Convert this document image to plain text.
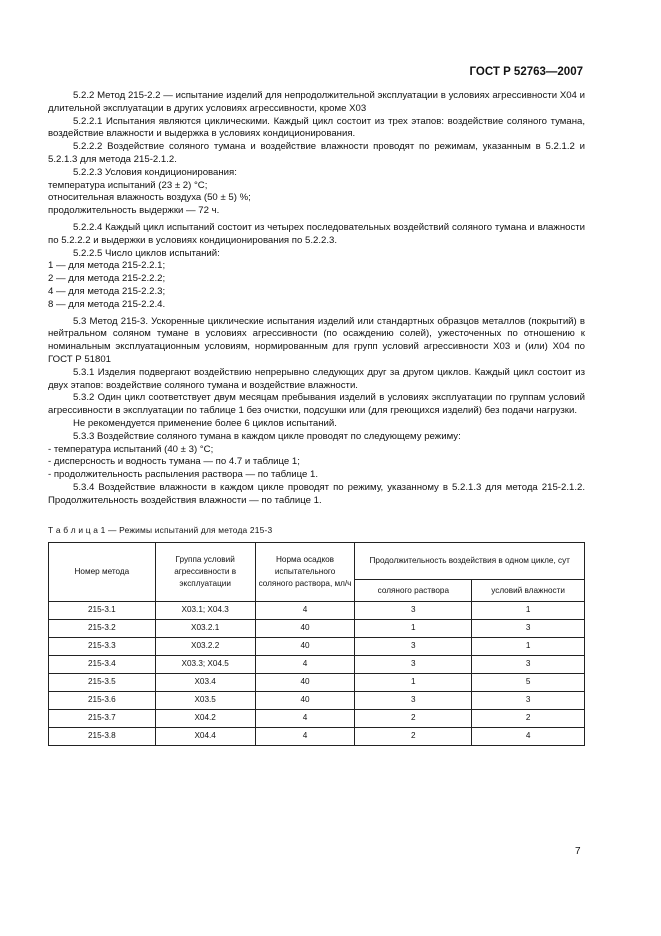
ГОСТ Р 52763—2007

5.2.2 Метод 215-2.2 — испытание изделий для непродолжительной эксплуатации в условиях агрессивности X04 и длительной эксплуатации в других условиях агрессивности, кроме X03

5.2.2.1 Испытания являются циклическими. Каждый цикл состоит из трех этапов: воздействие соляного тумана, воздействие влажности и выдержка в условиях кондиционирования.

5.2.2.2 Воздействие соляного тумана и воздействие влажности проводят по режимам, указанным в 5.2.1.2 и 5.2.1.3 для метода 215-2.1.2.

5.2.2.3 Условия кондиционирования:

температура испытаний (23 ± 2) °С;

относительная влажность воздуха (50 ± 5) %;

продолжительность выдержки — 72 ч.

5.2.2.4 Каждый цикл испытаний состоит из четырех последовательных воздействий соляного тумана и влажности по 5.2.2.2 и выдержки в условиях кондиционирования по 5.2.2.3.

5.2.2.5 Число циклов испытаний:

1 — для метода 215-2.2.1;

2 — для метода 215-2.2.2;

4 — для метода 215-2.2.3;

8 — для метода 215-2.2.4.

5.3 Метод 215-3. Ускоренные циклические испытания изделий или стандартных образцов металлов (покрытий) в нейтральном соляном тумане в условиях агрессивности (по осаждению солей), ужесточенных по отношению к номинальным эксплуатационным условиям, нормированным для групп условий агрессивности X03 и (или) X04 по ГОСТ Р 51801

5.3.1 Изделия подвергают воздействию непрерывно следующих друг за другом циклов. Каждый цикл состоит из двух этапов: воздействие соляного тумана и воздействие влажности.

5.3.2 Один цикл соответствует двум месяцам пребывания изделий в условиях эксплуатации по группам условий агрессивности в эксплуатации по таблице 1 без очистки, подсушки или (для греющихся изделий) без подачи нагрузки.

Не рекомендуется применение более 6 циклов испытаний.

5.3.3 Воздействие соляного тумана в каждом цикле проводят по следующему режиму:

- температура испытаний (40 ± 3) °С;

- дисперсность и водность тумана — по 4.7 и таблице 1;

- продолжительность распыления раствора — по таблице 1.

5.3.4 Воздействие влажности в каждом цикле проводят по режиму, указанному в 5.2.1.3 для метода 215-2.1.2. Продолжительность воздействия влажности — по таблице 1.

Т а б л и ц а 1 — Режимы испытаний для метода 215-3
Номер метода	Группа условий агрессивности в эксплуатации	Норма осадков испытательного соляного раствора, мл/ч	Продолжительность воздействия в одном цикле, сут	
			соляного раствора	условий влажности
215-3.1	X03.1; X04.3	4	3	1
215-3.2	X03.2.1	40	1	3
215-3.3	X03.2.2	40	3	1
215-3.4	X03.3; X04.5	4	3	3
215-3.5	X03.4	40	1	5
215-3.6	X03.5	40	3	3
215-3.7	X04.2	4	2	2
215-3.8	X04.4	4	2	4
7
